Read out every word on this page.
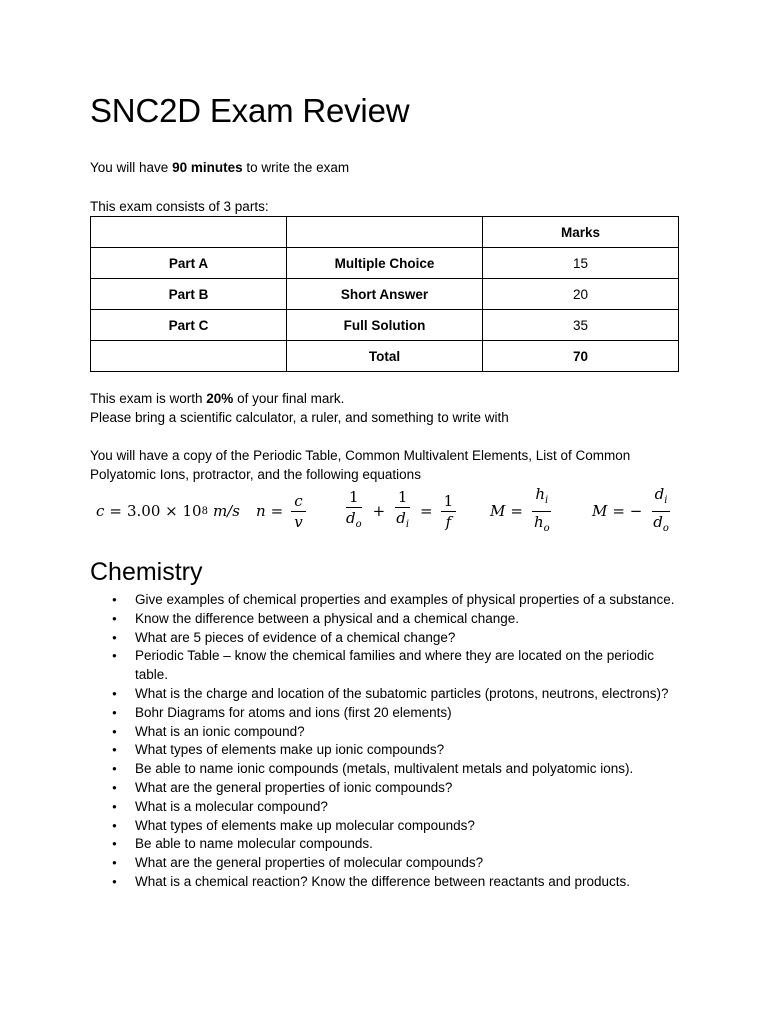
SNC2D Exam Review
You will have 90 minutes to write the exam
This exam consists of 3 parts:
		Marks
Part A	Multiple Choice	15
Part B	Short Answer	20
Part C	Full Solution	35
	Total	70
This exam is worth 20% of your final mark.
Please bring a scientific calculator, a ruler, and something to write with
You will have a copy of the Periodic Table, Common Multivalent Elements, List of Common
Polyatomic Ions, protractor, and the following equations
c = 3.00 × 10 8 m/s $n = \frac{c}{v} \frac{1}{d_o} + \frac{1}{d_i} = \frac{1}{f}$ $M = \frac{h_i}{h_o}$	M = − $\frac{d_i}{d_o}$
Chemistry
● Give examples of chemical properties and examples of physical properties of a substance.
● Know the difference between a physical and a chemical change.
● What are 5 pieces of evidence of a chemical change?
● Periodic Table – know the chemical families and where they are located on the periodic table.
● What is the charge and location of the subatomic particles (protons, neutrons, electrons)?
● Bohr Diagrams for atoms and ions (first 20 elements)
● What is an ionic compound?
● What types of elements make up ionic compounds?
● Be able to name ionic compounds (metals, multivalent metals and polyatomic ions).
● What are the general properties of ionic compounds?
● What is a molecular compound?
● What types of elements make up molecular compounds?
● Be able to name molecular compounds.
● What are the general properties of molecular compounds?
● What is a chemical reaction? Know the difference between reactants and products.
